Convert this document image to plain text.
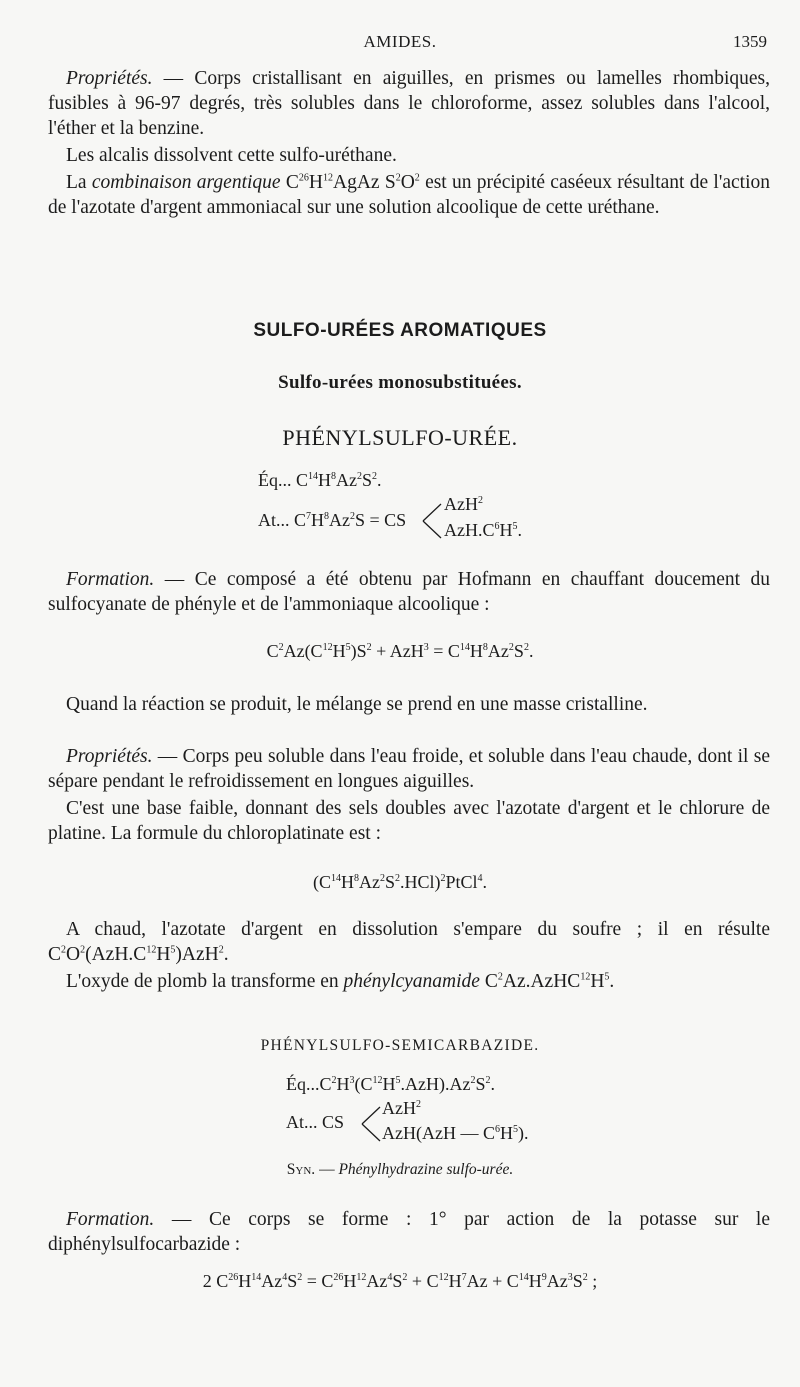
AMIDES.	1359
Propriétés. — Corps cristallisant en aiguilles, en prismes ou lamelles rhombiques, fusibles à 96-97 degrés, très solubles dans le chloroforme, assez solubles dans l'alcool, l'éther et la benzine.
Les alcalis dissolvent cette sulfo-uréthane.
La combinaison argentique $C^{26}H^{12}AgAz$ $S^2O^2$ est un précipité caséeux résultant de l'action de l'azotate d'argent ammoniacal sur une solution alcoolique de cette uréthane.
SULFO-URÉES AROMATIQUES
Sulfo-urées monosubstituées.
PHÉNYLSULFO-URÉE.
Éq... $C^{14}H^8Az^2S^2$.
At... $C^7H^8Az^2S$ = CS
AzH$^2$
$AzH.C^6H^5$.
Formation. — Ce composé a été obtenu par Hofmann en chauffant doucement du sulfocyanate de phényle et de l'ammoniaque alcoolique :
$C^2Az(C^{12}H^5)S^2 + AzH^3 = C^{14}H^8Az^2S^2$.
Quand la réaction se produit, le mélange se prend en une masse cristalline.
Propriétés. — Corps peu soluble dans l'eau froide, et soluble dans l'eau chaude, dont il se sépare pendant le refroidissement en longues aiguilles.
C'est une base faible, donnant des sels doubles avec l'azotate d'argent et le chlorure de platine. La formule du chloroplatinate est :
$(C^{14}H^8Az^2S^2.HCl)^2PtCl^4$.
A chaud, l'azotate d'argent en dissolution s'empare du soufre ; il en résulte $C^2O^2(AzH.C^{12}H^5)AzH^2$.
L'oxyde de plomb la transforme en phénylcyanamide $C^2Az.AzHC^{12}H^5$.
PHÉNYLSULFO-SEMICARBAZIDE.
$Éq...C^2H^3(C^{12}H^5.AzH).Az^2S^2$.
At... CS
AzH$^2$
AzH(AzH — $C^6H^5$).
Syn. — Phénylhydrazine sulfo-urée.
Formation. — Ce corps se forme : 1° par action de la potasse sur le diphénylsulfocarbazide :
2 $C^{26}H^{14}Az^4S^2 = C^{26}H^{12}Az^4S^2 + C^{12}H^7Az + C^{14}H^9Az^3S^2$ ;
